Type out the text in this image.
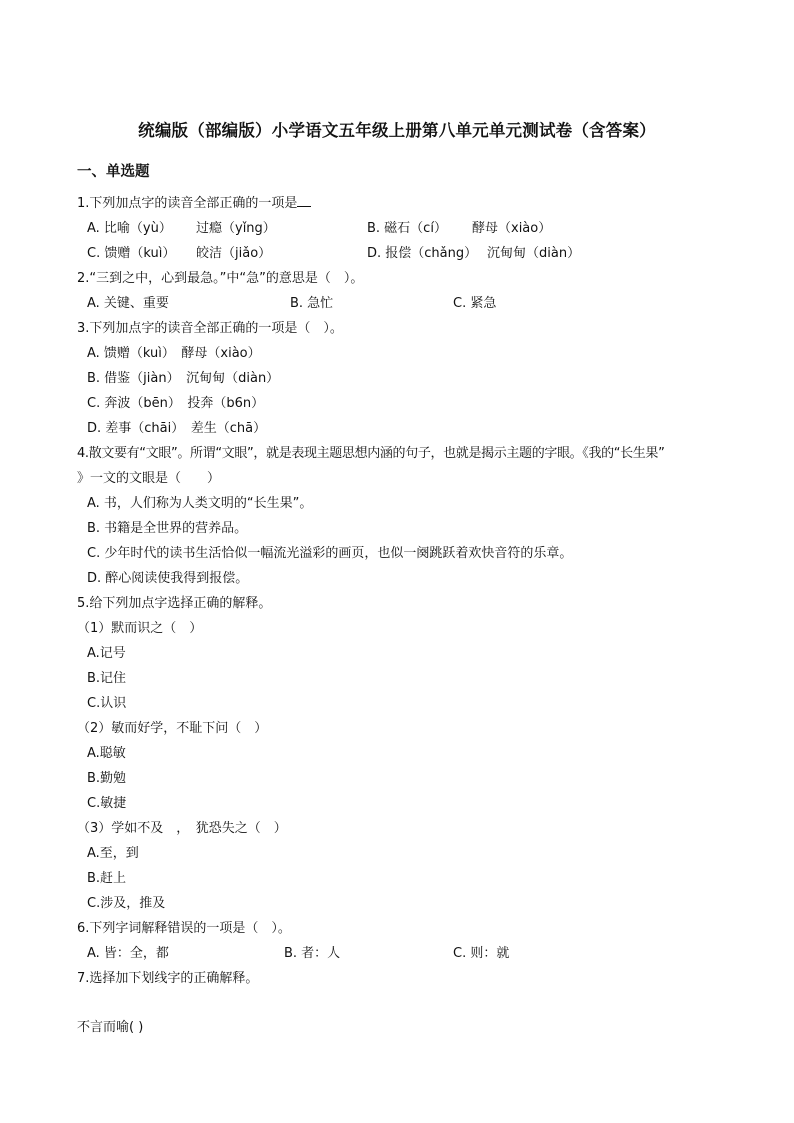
统编版（部编版）小学语文五年级上册第八单元单元测试卷（含答案）
一、单选题
1.下列加点字的读音全部正确的一项是
A. 比喻（yù） 过瘾（yǐng）	B. 磁石（cí） 酵母（xiào）
C. 馈赠（kuì） 皎洁（jiǎo）	D. 报偿（chǎng） 沉甸甸（diàn）
2.“三到之中，心到最急。”中“急”的意思是（　）。
A. 关键、重要	B. 急忙	C. 紧急
3.下列加点字的读音全部正确的一项是（　）。
A. 馈赠（kuì）　酵母（xiào）
B. 借鉴（jiàn）　沉甸甸（diàn）
C. 奔波（bēn）　投奔（b6n）
D. 差事（chāi）　差生（chā）
4.散文要有“文眼”。所谓“文眼”，就是表现主题思想内涵的句子，也就是揭示主题的字眼。《我的“长生果”
》一文的文眼是（　　）
A. 书，人们称为人类文明的“长生果”。
B. 书籍是全世界的营养品。
C. 少年时代的读书生活恰似一幅流光溢彩的画页，也似一阕跳跃着欢快音符的乐章。
D. 醉心阅读使我得到报偿。
5.给下列加点字选择正确的解释。
（1）默而识之（　）
A.记号
B.记住
C.认识
（2）敏而好学，不耻下问（　）
A.聪敏
B.勤勉
C.敏捷
（3）学如不及　，　犹恐失之（　）
A.至，到
B.赶上
C.涉及，推及
6.下列字词解释错误的一项是（　）。
A. 皆：全，都	B. 者：人	C. 则：就
7.选择加下划线字的正确解释。
不言而喻( )
